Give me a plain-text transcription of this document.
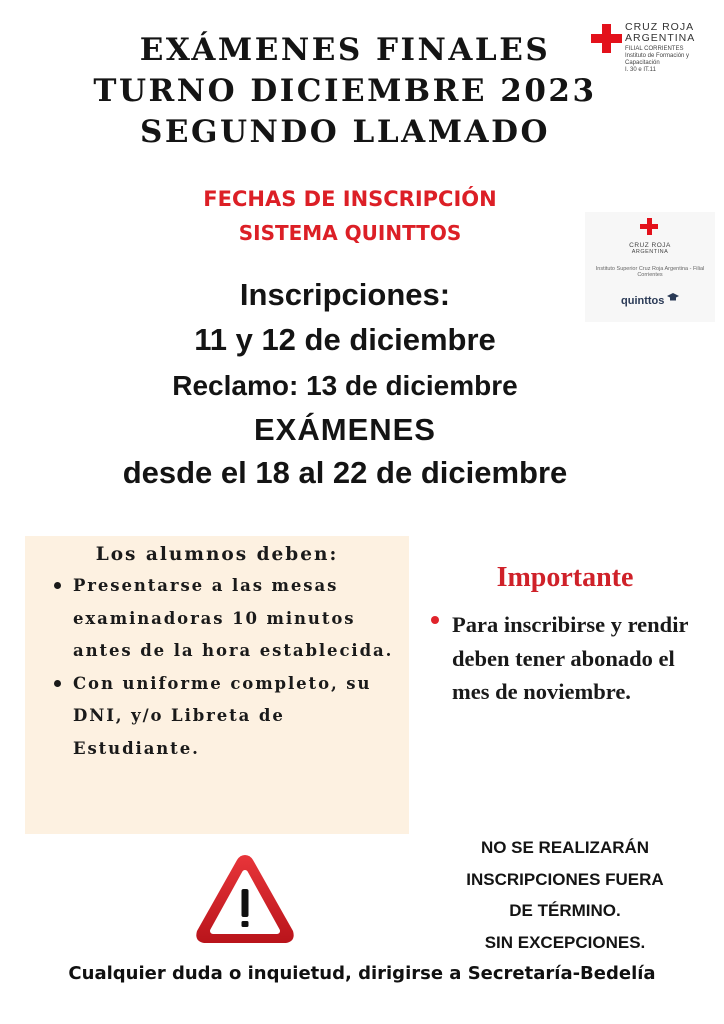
EXÁMENES FINALES
TURNO DICIEMBRE 2023
SEGUNDO LLAMADO
CRUZ ROJA
ARGENTINA
FILIAL CORRIENTES
Instituto de Formación y Capacitación
I. 30 e IT.11
FECHAS DE INSCRIPCIÓN
SISTEMA QUINTTOS
CRUZ ROJA
ARGENTINA
Instituto Superior Cruz Roja Argentina - Filial Corrientes
quinttos
Inscripciones:
11 y 12 de diciembre
Reclamo: 13 de diciembre
EXÁMENES
desde el 18 al 22 de diciembre
Los alumnos deben:
Presentarse a las mesas examinadoras 10 minutos antes de la hora establecida.
Con uniforme completo, su DNI, y/o Libreta de Estudiante.
Importante
Para inscribirse y rendir deben tener abonado el mes de noviembre.
NO SE REALIZARÁN
INSCRIPCIONES FUERA
DE TÉRMINO.
SIN EXCEPCIONES.
Cualquier duda o inquietud, dirigirse a Secretaría-Bedelía
